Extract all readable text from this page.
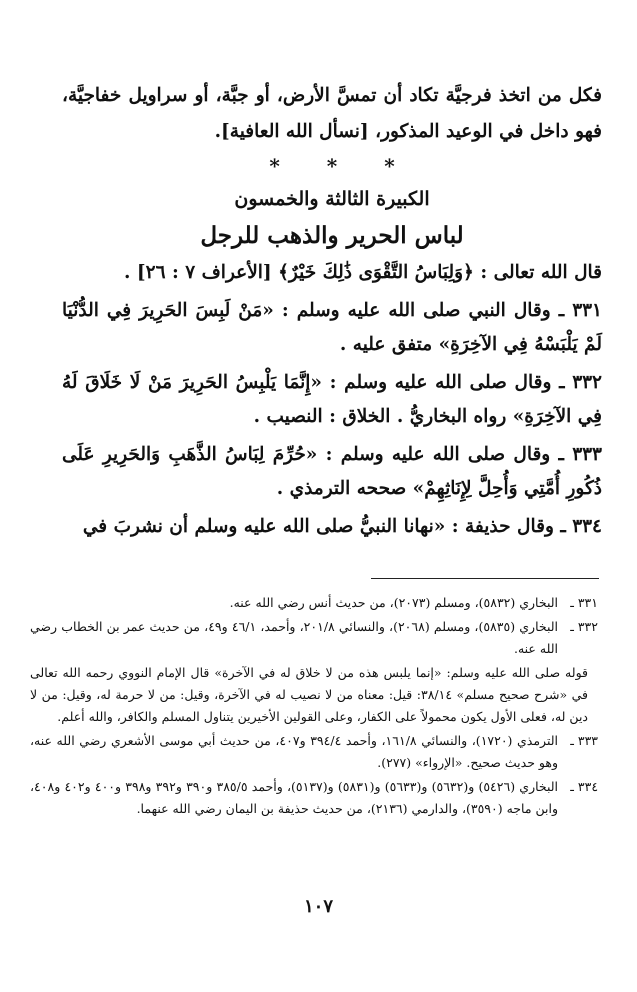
فكل من اتخذ فرجيَّة تكاد أن تمسَّ الأرض، أو جبَّة، أو سراويل خفاجيَّة، فهو داخل في الوعيد المذكور، [نسأل الله العافية].

* * *
الكبيرة الثالثة والخمسون
لباس الحرير والذهب للرجل

قال الله تعالى : ﴿وَلِبَاسُ التَّقْوَى ذَٰلِكَ خَيْرٌ﴾ [الأعراف ٧ : ٢٦] .

٣٣١ ـ وقال النبي صلى الله عليه وسلم : «مَنْ لَبِسَ الحَرِيرَ فِي الدُّنْيَا لَمْ يَلْبَسْهُ فِي الآخِرَةِ» متفق عليه .

٣٣٢ ـ وقال صلى الله عليه وسلم : «إِنَّمَا يَلْبِسُ الحَرِيرَ مَنْ لَا خَلَاقَ لَهُ فِي الآخِرَةِ» رواه البخاريُّ . الخلاق : النصيب .

٣٣٣ ـ وقال صلى الله عليه وسلم : «حُرِّمَ لِبَاسُ الذَّهَبِ وَالحَرِيرِ عَلَى ذُكُورِ أُمَّتِي وَأُحِلَّ لِإِنَاثِهِمْ» صححه الترمذي .

٣٣٤ ـ وقال حذيفة : «نهانا النبيُّ صلى الله عليه وسلم أن نشربَ في

٣٣١ ـالبخاري (٥٨٣٢)، ومسلم (٢٠٧٣)، من حديث أنس رضي الله عنه.

٣٣٢ ـالبخاري (٥٨٣٥)، ومسلم (٢٠٦٨)، والنسائي ٢٠١/٨، وأحمد، ٤٦/١ و٤٩، من حديث عمر بن الخطاب رضي الله عنه.

قوله صلى الله عليه وسلم: «إنما يلبس هذه من لا خلاق له في الآخرة» قال الإمام النووي رحمه الله تعالى في «شرح صحيح مسلم» ٣٨/١٤: قيل: معناه من لا نصيب له في الآخرة، وقيل: من لا حرمة له، وقيل: من لا دين له، فعلى الأول يكون محمولاً على الكفار، وعلى القولين الأخيرين يتناول المسلم والكافر، والله أعلم.

٣٣٣ ـالترمذي (١٧٢٠)، والنسائي ١٦١/٨، وأحمد ٣٩٤/٤ و٤٠٧، من حديث أبي موسى الأشعري رضي الله عنه، وهو حديث صحيح. «الإرواء» (٢٧٧).

٣٣٤ ـالبخاري (٥٤٢٦) و(٥٦٣٢) و(٥٦٣٣) و(٥٨٣١) و(٥١٣٧)، وأحمد ٣٨٥/٥ و٣٩٠ و٣٩٢ و٣٩٨ و٤٠٠ و٤٠٢ و٤٠٨، وابن ماجه (٣٥٩٠)، والدارمي (٢١٣٦)، من حديث حذيفة بن اليمان رضي الله عنهما.

١٠٧
